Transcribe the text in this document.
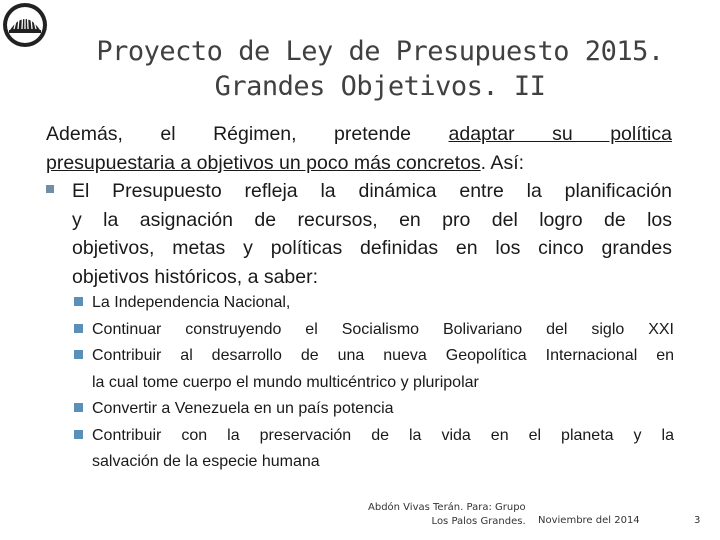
Proyecto de Ley de Presupuesto 2015.
Grandes Objetivos. II
Además, el Régimen, pretende adaptar su política
presupuestaria a objetivos un poco más concretos. Así:
El Presupuesto refleja la dinámica entre la planificación
y la asignación de recursos, en pro del logro de los
objetivos, metas y políticas definidas en los cinco grandes
objetivos históricos, a saber:
La Independencia Nacional,
Continuar construyendo el Socialismo Bolivariano del siglo XXI
Contribuir al desarrollo de una nueva Geopolítica Internacional en
la cual tome cuerpo el mundo multicéntrico y pluripolar
Convertir a Venezuela en un país potencia
Contribuir con la preservación de la vida en el planeta y la
salvación de la especie humana
Abdón Vivas Terán. Para: Grupo
Los Palos Grandes. Noviembre del 2014	3
